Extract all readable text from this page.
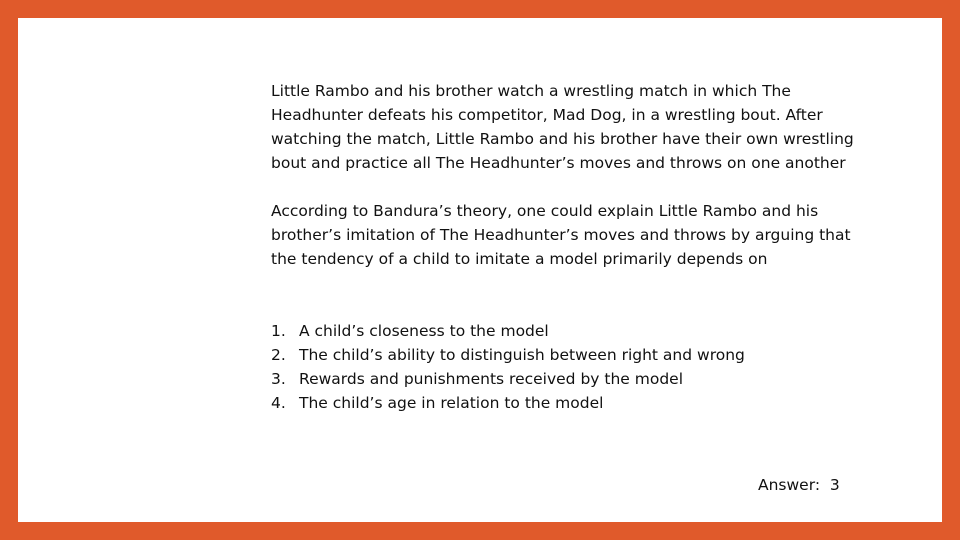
Little Rambo and his brother watch a wrestling match in which The Headhunter defeats his competitor, Mad Dog, in a wrestling bout. After watching the match, Little Rambo and his brother have their own wrestling bout and practice all The Headhunter’s moves and throws on one another

According to Bandura’s theory, one could explain Little Rambo and his brother’s imitation of The Headhunter’s moves and throws by arguing that the tendency of a child to imitate a model primarily depends on

1. A child’s closeness to the model
2. The child’s ability to distinguish between right and wrong
3. Rewards and punishments received by the model
4. The child’s age in relation to the model
Answer: 3
